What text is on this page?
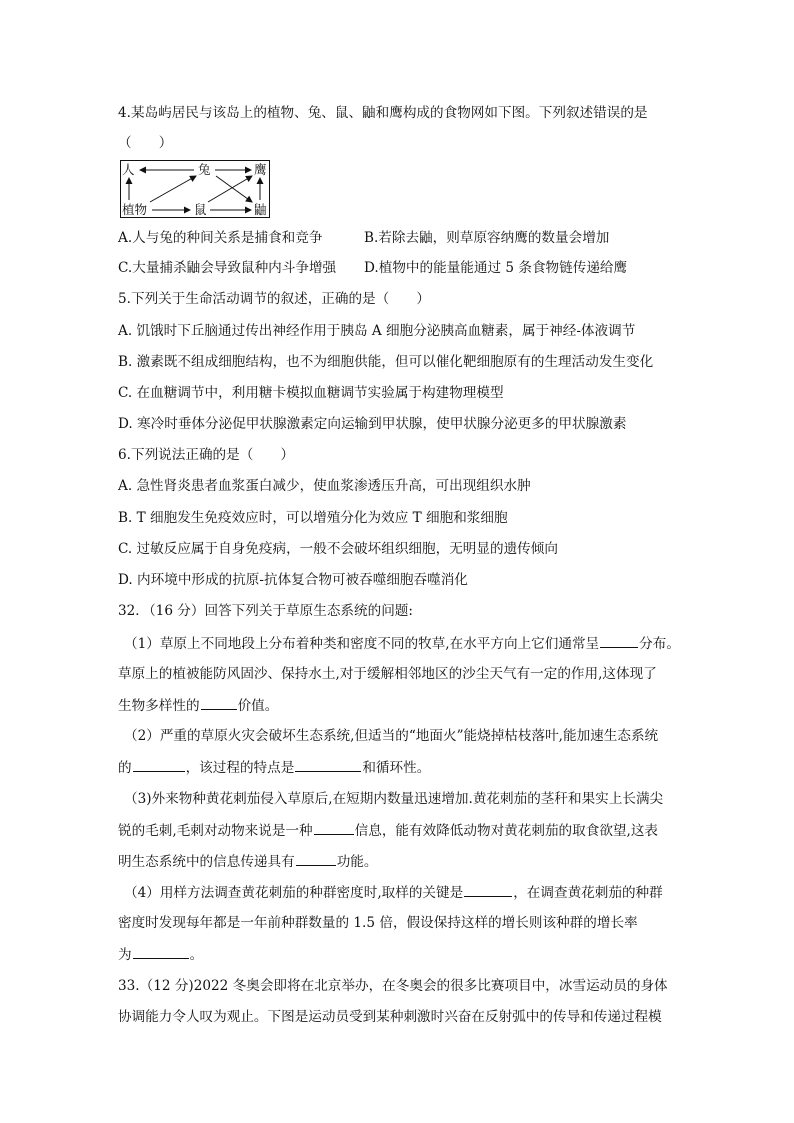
4.某岛屿居民与该岛上的植物、兔、鼠、鼬和鹰构成的食物网如下图。下列叙述错误的是
（　　）
人	兔	鹰
植物	鼠	鼬
A.人与兔的种间关系是捕食和竞争	B.若除去鼬，则草原容纳鹰的数量会增加
C.大量捕杀鼬会导致鼠种内斗争增强 D.植物中的能量能通过 5 条食物链传递给鹰
5.下列关于生命活动调节的叙述，正确的是（　　）
A. 饥饿时下丘脑通过传出神经作用于胰岛 A 细胞分泌胰高血糖素，属于神经-体液调节
B. 激素既不组成细胞结构，也不为细胞供能，但可以催化靶细胞原有的生理活动发生变化
C. 在血糖调节中，利用糖卡模拟血糖调节实验属于构建物理模型
D. 寒冷时垂体分泌促甲状腺激素定向运输到甲状腺，使甲状腺分泌更多的甲状腺激素
6.下列说法正确的是（　　）
A. 急性肾炎患者血浆蛋白减少，使血浆渗透压升高，可出现组织水肿
B. T 细胞发生免疫效应时，可以增殖分化为效应 T 细胞和浆细胞
C. 过敏反应属于自身免疫病，一般不会破坏组织细胞，无明显的遗传倾向
D. 内环境中形成的抗原-抗体复合物可被吞噬细胞吞噬消化
32．（16 分）回答下列关于草原生态系统的问题:
（1）草原上不同地段上分布着种类和密度不同的牧草,在水平方向上它们通常呈	分布。
草原上的植被能防风固沙、保持水土,对于缓解相邻地区的沙尘天气有一定的作用,这体现了
生物多样性的	价值。
（2）严重的草原火灾会破坏生态系统,但适当的“地面火”能烧掉枯枝落叶,能加速生态系统
的	，该过程的特点是	和循环性。
（3)外来物种黄花刺茄侵入草原后,在短期内数量迅速增加.黄花刺茄的茎秆和果实上长满尖
锐的毛刺,毛刺对动物来说是一种	信息，能有效降低动物对黄花刺茄的取食欲望,这表
明生态系统中的信息传递具有	功能。
（4）用样方法调查黄花刺茄的种群密度时,取样的关键是	，在调查黄花刺茄的种群
密度时发现每年都是一年前种群数量的 1.5 倍，假设保持这样的增长则该种群的增长率
为	。
33.（12 分)2022 冬奥会即将在北京举办，在冬奥会的很多比赛项目中，冰雪运动员的身体
协调能力令人叹为观止。下图是运动员受到某种刺激时兴奋在反射弧中的传导和传递过程模
